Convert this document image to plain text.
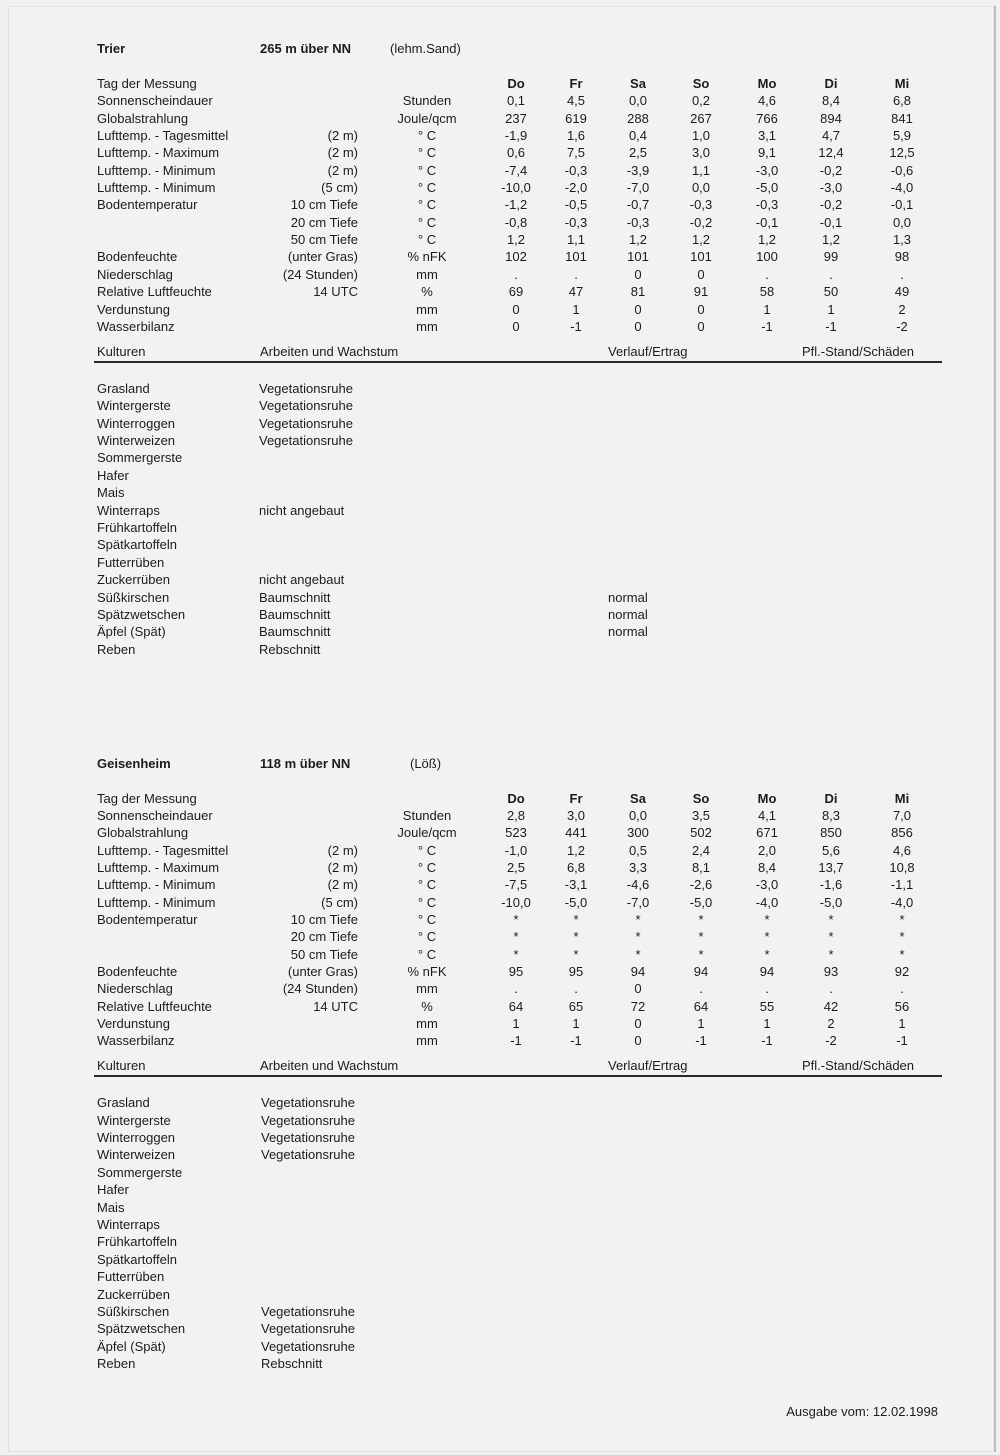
Trier	265 m über NN	(lehm.Sand)
Tag der Messung	Do	Fr	Sa	So	Mo	Di	Mi
Sonnenscheindauer	Stunden	0,1	4,5	0,0	0,2	4,6	8,4	6,8
Globalstrahlung	Joule/qcm	237	619	288	267	766	894	841
Lufttemp. - Tagesmittel	(2 m)	° C	-1,9	1,6	0,4	1,0	3,1	4,7	5,9
Lufttemp. - Maximum	(2 m)	° C	0,6	7,5	2,5	3,0	9,1	12,4	12,5
Lufttemp. - Minimum	(2 m)	° C	-7,4	-0,3	-3,9	1,1	-3,0	-0,2	-0,6
Lufttemp. - Minimum	(5 cm)	° C	-10,0	-2,0	-7,0	0,0	-5,0	-3,0	-4,0
Bodentemperatur	10 cm Tiefe	° C	-1,2	-0,5	-0,7	-0,3	-0,3	-0,2	-0,1
20 cm Tiefe	° C	-0,8	-0,3	-0,3	-0,2	-0,1	-0,1	0,0
50 cm Tiefe	° C	1,2	1,1	1,2	1,2	1,2	1,2	1,3
Bodenfeuchte	(unter Gras)	% nFK	102	101	101	101	100	99	98
Niederschlag	(24 Stunden)	mm	.	.	0	0	.	.	.
Relative Luftfeuchte	14 UTC	%	69	47	81	91	58	50	49
Verdunstung	mm	0	1	0	0	1	1	2
Wasserbilanz	mm	0	-1	0	0	-1	-1	-2
Kulturen	Arbeiten und Wachstum	Verlauf/Ertrag	Pfl.-Stand/Schäden
Grasland	Vegetationsruhe
Wintergerste	Vegetationsruhe
Winterroggen	Vegetationsruhe
Winterweizen	Vegetationsruhe
Sommergerste
Hafer
Mais
Winterraps	nicht angebaut
Frühkartoffeln
Spätkartoffeln
Futterrüben
Zuckerrüben	nicht angebaut
Süßkirschen	Baumschnitt	normal
Spätzwetschen	Baumschnitt	normal
Äpfel (Spät)	Baumschnitt	normal
Reben	Rebschnitt
Geisenheim	118 m über NN	(Löß)
Tag der Messung	Do	Fr	Sa	So	Mo	Di	Mi
Sonnenscheindauer	Stunden	2,8	3,0	0,0	3,5	4,1	8,3	7,0
Globalstrahlung	Joule/qcm	523	441	300	502	671	850	856
Lufttemp. - Tagesmittel	(2 m)	° C	-1,0	1,2	0,5	2,4	2,0	5,6	4,6
Lufttemp. - Maximum	(2 m)	° C	2,5	6,8	3,3	8,1	8,4	13,7	10,8
Lufttemp. - Minimum	(2 m)	° C	-7,5	-3,1	-4,6	-2,6	-3,0	-1,6	-1,1
Lufttemp. - Minimum	(5 cm)	° C	-10,0	-5,0	-7,0	-5,0	-4,0	-5,0	-4,0
Bodentemperatur	10 cm Tiefe	° C	*	*	*	*	*	*	*
20 cm Tiefe	° C	*	*	*	*	*	*	*
50 cm Tiefe	° C	*	*	*	*	*	*	*
Bodenfeuchte	(unter Gras)	% nFK	95	95	94	94	94	93	92
Niederschlag	(24 Stunden)	mm	.	.	0	.	.	.	.
Relative Luftfeuchte	14 UTC	%	64	65	72	64	55	42	56
Verdunstung	mm	1	1	0	1	1	2	1
Wasserbilanz	mm	-1	-1	0	-1	-1	-2	-1
Kulturen	Arbeiten und Wachstum	Verlauf/Ertrag	Pfl.-Stand/Schäden
Grasland	Vegetationsruhe
Wintergerste	Vegetationsruhe
Winterroggen	Vegetationsruhe
Winterweizen	Vegetationsruhe
Sommergerste
Hafer
Mais
Winterraps
Frühkartoffeln
Spätkartoffeln
Futterrüben
Zuckerrüben
Süßkirschen	Vegetationsruhe
Spätzwetschen	Vegetationsruhe
Äpfel (Spät)	Vegetationsruhe
Reben	Rebschnitt
Ausgabe vom: 12.02.1998
